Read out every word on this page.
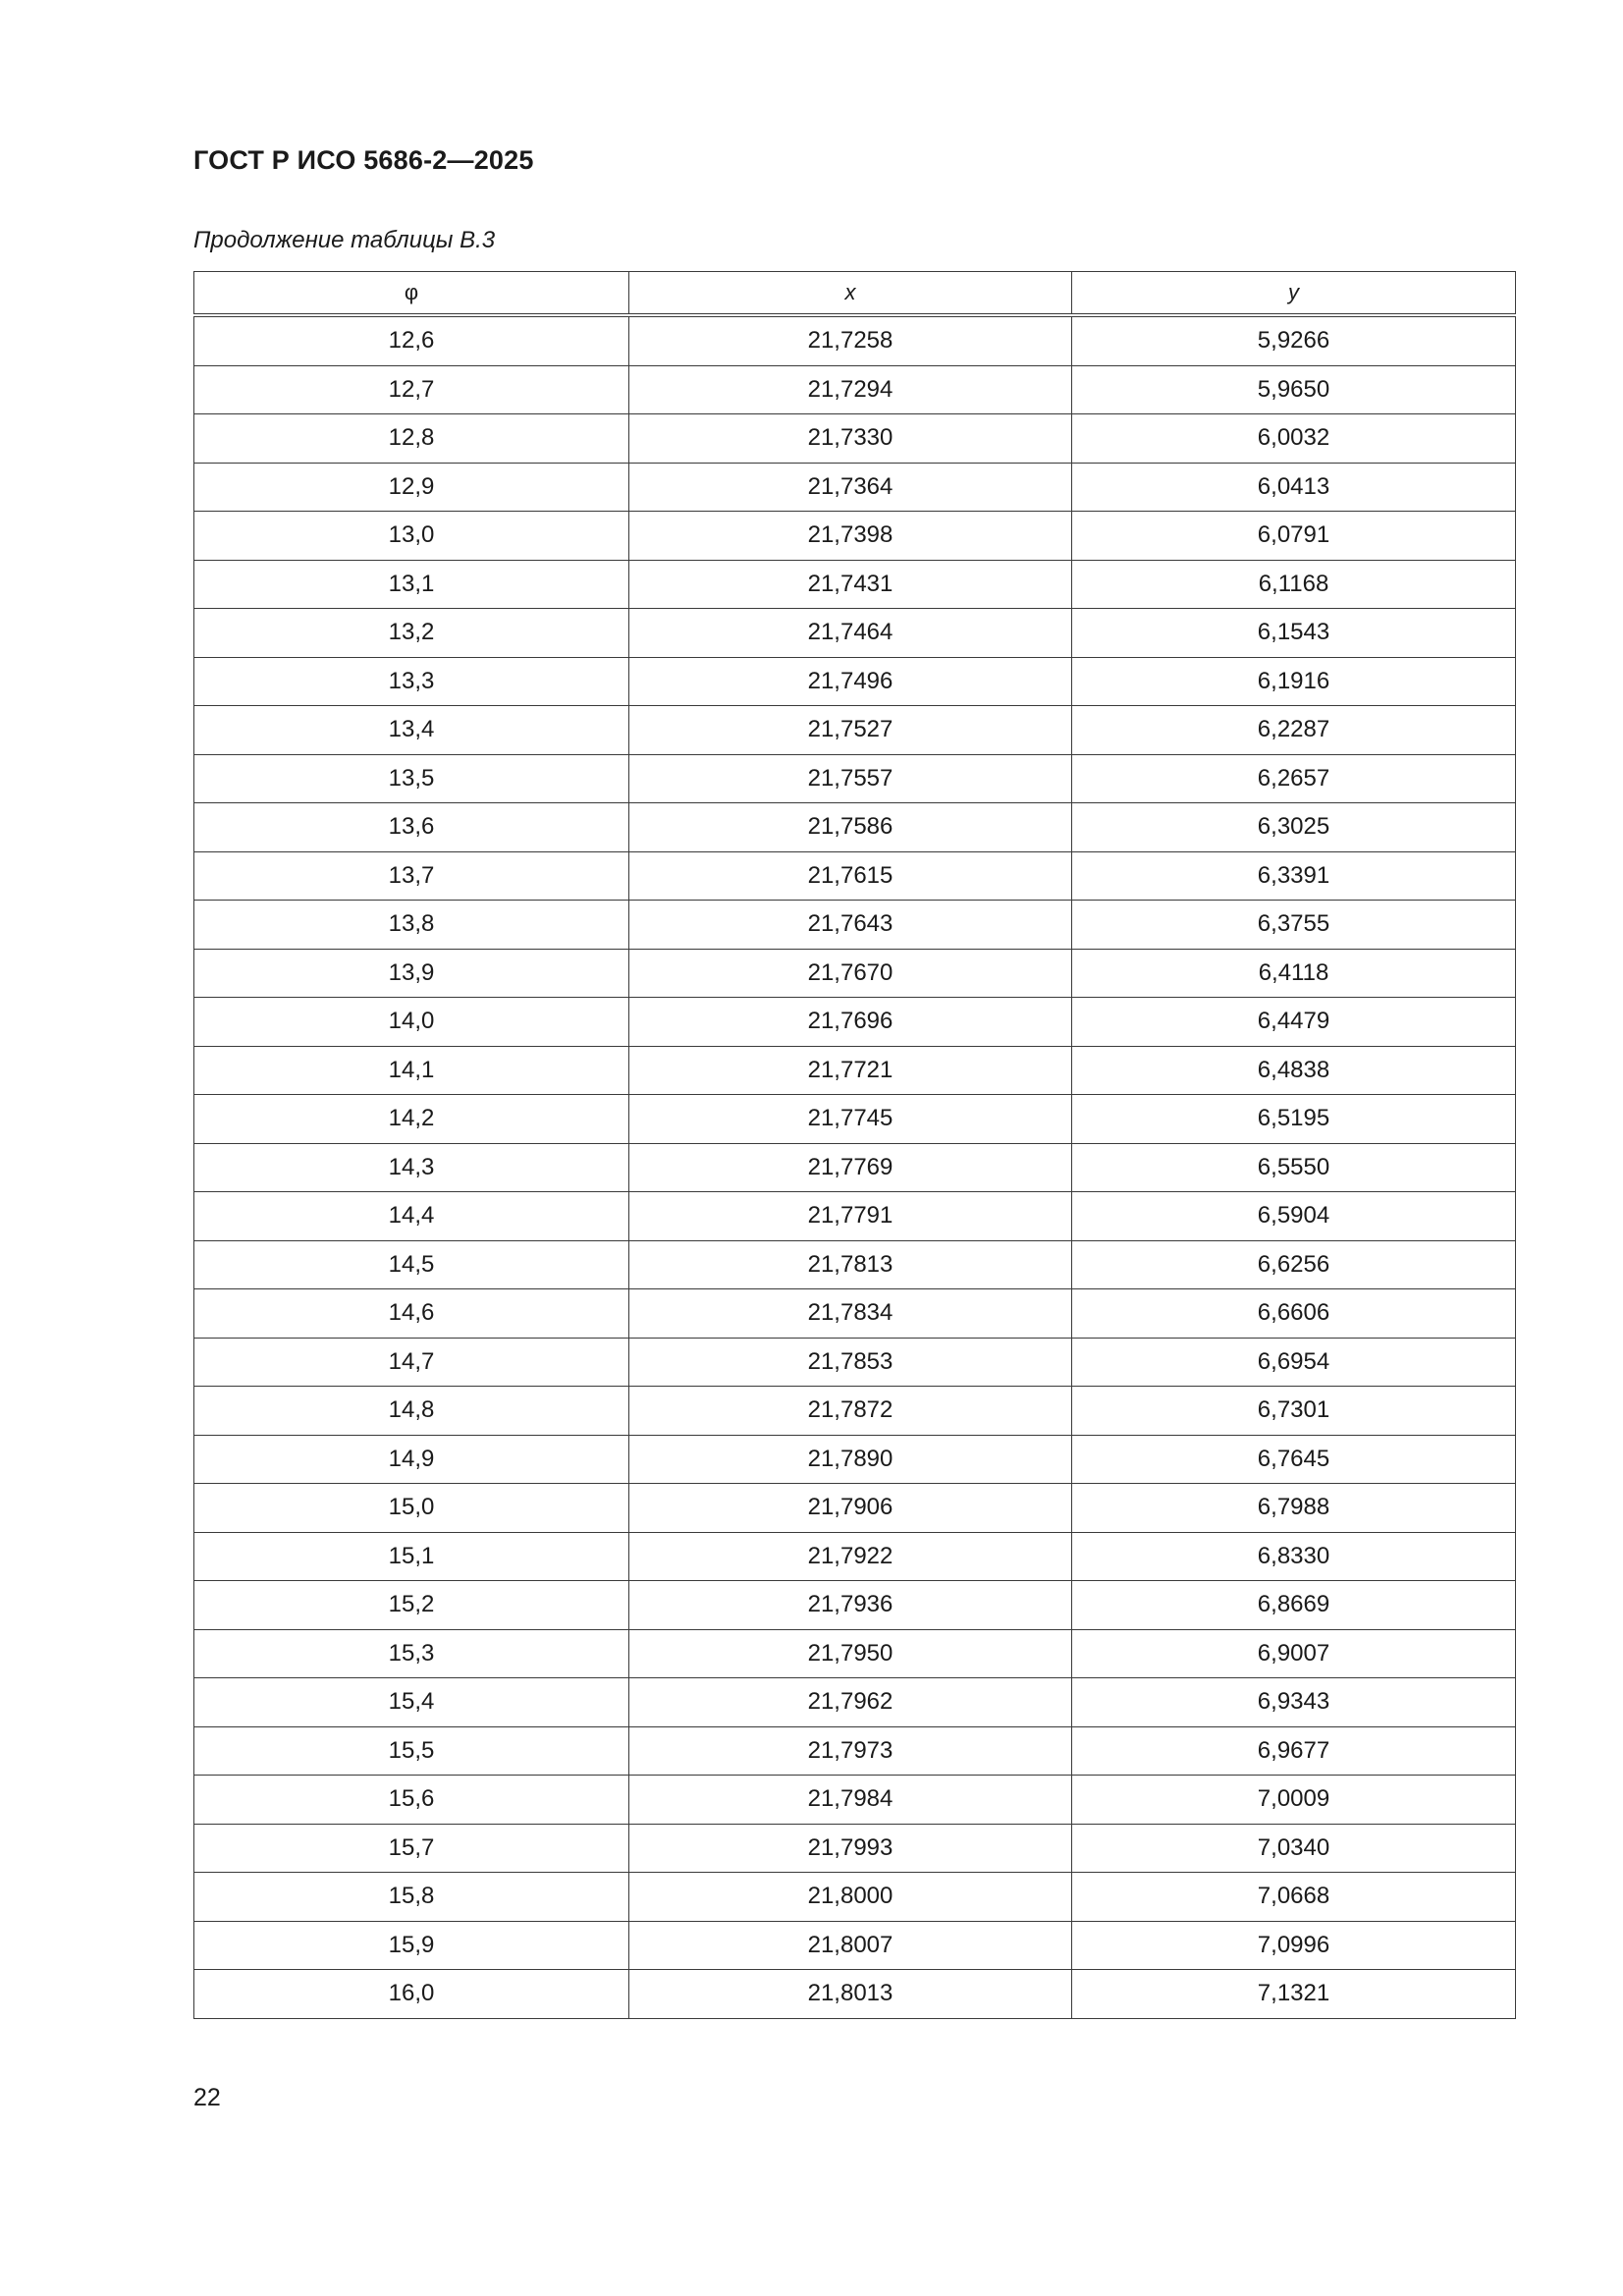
ГОСТ Р ИСО 5686-2—2025
Продолжение таблицы В.3
φ	x	y
12,6	21,7258	5,9266
12,7	21,7294	5,9650
12,8	21,7330	6,0032
12,9	21,7364	6,0413
13,0	21,7398	6,0791
13,1	21,7431	6,1168
13,2	21,7464	6,1543
13,3	21,7496	6,1916
13,4	21,7527	6,2287
13,5	21,7557	6,2657
13,6	21,7586	6,3025
13,7	21,7615	6,3391
13,8	21,7643	6,3755
13,9	21,7670	6,4118
14,0	21,7696	6,4479
14,1	21,7721	6,4838
14,2	21,7745	6,5195
14,3	21,7769	6,5550
14,4	21,7791	6,5904
14,5	21,7813	6,6256
14,6	21,7834	6,6606
14,7	21,7853	6,6954
14,8	21,7872	6,7301
14,9	21,7890	6,7645
15,0	21,7906	6,7988
15,1	21,7922	6,8330
15,2	21,7936	6,8669
15,3	21,7950	6,9007
15,4	21,7962	6,9343
15,5	21,7973	6,9677
15,6	21,7984	7,0009
15,7	21,7993	7,0340
15,8	21,8000	7,0668
15,9	21,8007	7,0996
16,0	21,8013	7,1321
22
